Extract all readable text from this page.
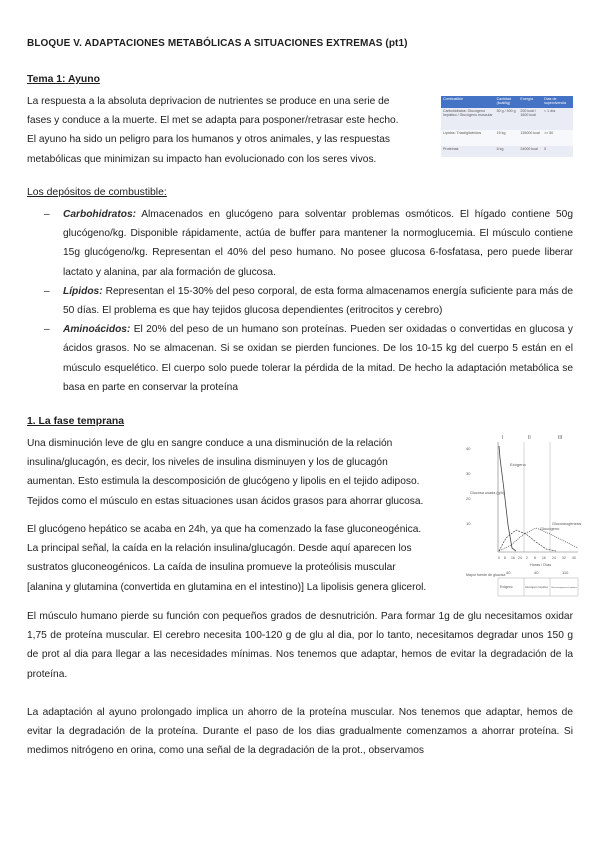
BLOQUE V. ADAPTACIONES METABÓLICAS A SITUACIONES EXTREMAS (pt1)
Tema 1: Ayuno
La respuesta a la absoluta deprivacion de nutrientes se produce en una serie de
fases y conduce a la muerte. El met se adapta para posponer/retrasar este hecho.
El ayuno ha sido un peligro para los humanos y otros animales, y las respuestas
metabólicas que minimizan su impacto han evolucionado con los seres vivos.
Combustible	Cantidad (kcal/kg)	Energía	Días de supervivencia
Carbohidratos: Glucógeno hepático / Glucógeno muscular	50 g / 400 g	200 kcal / 1600 kcal	< 1 día
Lípidos: Triacilglicéridos	15 kg	135000 kcal	>> 50
Proteínas	6 kg	24000 kcal	5
Los depósitos de combustible:
– Carbohidratos: Almacenados en glucógeno para solventar problemas osmóticos. El hígado contiene 50g glucógeno/kg. Disponible rápidamente, actúa de buffer para mantener la normoglucemia. El músculo contiene 15g glucógeno/kg. Representan el 40% del peso humano. No posee glucosa 6-fosfatasa, pero puede liberar lactato y alanina, par ala formación de glucosa.
– Lípidos: Representan el 15-30% del peso corporal, de esta forma almacenamos energía suficiente para más de 50 días. El problema es que hay tejidos glucosa dependientes (eritrocitos y cerebro)
– Aminoácidos: El 20% del peso de un humano son proteínas. Pueden ser oxidadas o convertidas en glucosa y ácidos grasos. No se almacenan. Si se oxidan se pierden funciones. De los 10-15 kg del cuerpo 5 están en el músculo esquelético. El cuerpo solo puede tolerar la pérdida de la mitad. De hecho la adaptación metabólica se basa en parte en conservar la proteína
1. La fase temprana
Una disminución leve de glu en sangre conduce a una disminución de la relación
insulina/glucagón, es decir, los niveles de insulina disminuyen y los de glucagón
aumentan. Esto estimula la descomposición de glucógeno y lipolis en el tejido adiposo.
Tejidos como el músculo en estas situaciones usan ácidos grasos para ahorrar glucosa.
El glucógeno hepático se acaba en 24h, ya que ha comenzado la fase gluconeogénica.
La principal señal, la caída en la relación insulina/glucagón. Desde aquí aparecen los
sustratos gluconeogénicos. La caída de insulina promueve la proteólisis muscular
[alanina y glutamina (convertida en glutamina en el intestino)] La lipolisis genera glicerol.
I	II	III
40
30
20
10
Glucosa usada (g/h)
Exógeno
Glucógeno
Gluconeogénesis
0 8 16 24 2 8 16 24 32 40
Horas / Días
Mayor fuente de glucosa 40	40	110
Exógeno	Glucógeno hepático Gluconeogénesis hepática
El músculo humano pierde su función con pequeños grados de desnutrición. Para formar 1g de glu necesitamos oxidar 1,75 de proteína muscular. El cerebro necesita 100-120 g de glu al dia, por lo tanto, necesitamos degradar unos 150 g de prot al dia para llegar a las necesidades mínimas. Nos tenemos que adaptar, hemos de evitar la degradación de la proteína.
La adaptación al ayuno prolongado implica un ahorro de la proteína muscular. Nos tenemos que adaptar, hemos de evitar la degradación de la proteína. Durante el paso de los dias gradualmente comenzamos a ahorrar proteína. Si medimos nitrógeno en orina, como una señal de la degradación de la prot., observamos
